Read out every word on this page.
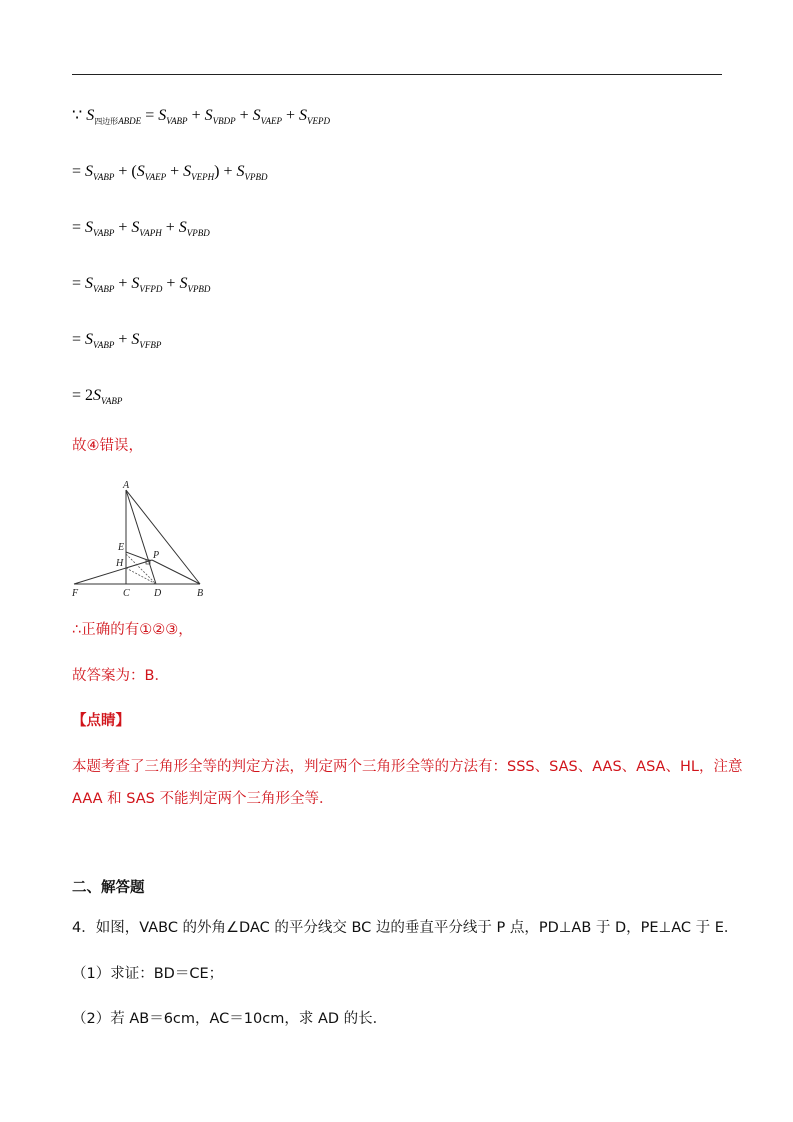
∵ $S_{四边形ABDE} = S_{VABP} + S_{VBDP} + S_{VAEP} + S_{VEPD}$
= $S_{VABP} + (S_{VAEP} + S_{VEPH}) + S_{VPBD}$
= $S_{VABP} + S_{VAPH} + S_{VPBD}$
= $S_{VABP} + S_{VFPD} + S_{VPBD}$
= $S_{VABP} + S_{VFBP}$
= $2S_{VABP}$
故④错误，
A
E
H
P
F	C D	B
∴正确的有①②③，
故答案为：B．
【点睛】
本题考查了三角形全等的判定方法，判定两个三角形全等的方法有：SSS、SAS、AAS、ASA、HL，注意
AAA 和 SAS 不能判定两个三角形全等．
二、解答题
4．如图，VABC 的外角∠DAC 的平分线交 BC 边的垂直平分线于 P 点，PD⊥AB 于 D，PE⊥AC 于 E．
（1）求证：BD＝CE；
（2）若 AB＝6cm，AC＝10cm，求 AD 的长．
